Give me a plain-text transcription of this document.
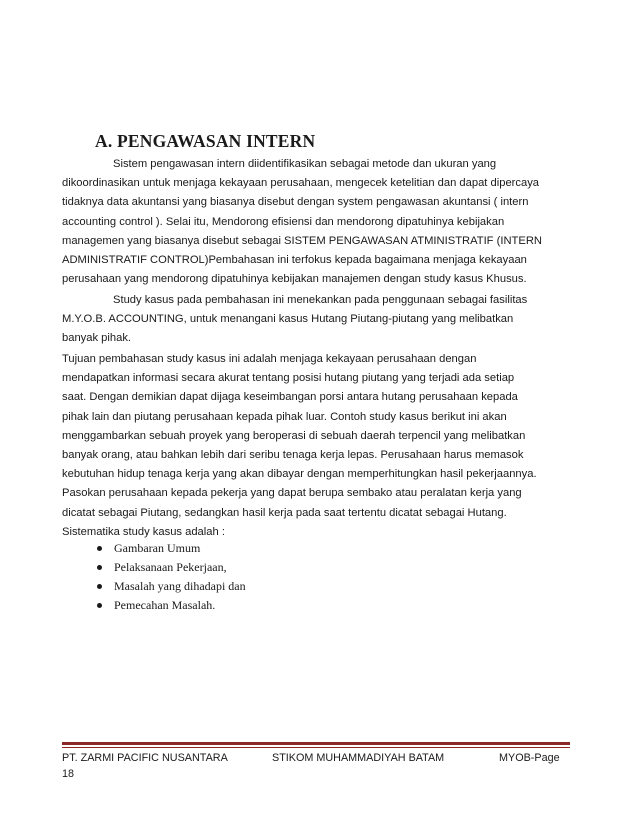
A. PENGAWASAN INTERN

Sistem pengawasan intern diidentifikasikan sebagai metode dan ukuran yang
dikoordinasikan untuk menjaga kekayaan perusahaan, mengecek ketelitian dan dapat dipercaya
tidaknya data akuntansi yang biasanya disebut dengan system pengawasan akuntansi ( intern
accounting control ). Selai itu, Mendorong efisiensi dan mendorong dipatuhinya kebijakan
managemen yang biasanya disebut sebagai SISTEM PENGAWASAN ATMINISTRATIF (INTERN
ADMINISTRATIF CONTROL)Pembahasan ini terfokus kepada bagaimana menjaga kekayaan
perusahaan yang mendorong dipatuhinya kebijakan manajemen dengan study kasus Khusus.

Study kasus pada pembahasan ini menekankan pada penggunaan sebagai fasilitas
M.Y.O.B. ACCOUNTING, untuk menangani kasus Hutang Piutang-piutang yang melibatkan
banyak pihak.

Tujuan pembahasan study kasus ini adalah menjaga kekayaan perusahaan dengan
mendapatkan informasi secara akurat tentang posisi hutang piutang yang terjadi ada setiap
saat. Dengan demikian dapat dijaga keseimbangan porsi antara hutang perusahaan kepada
pihak lain dan piutang perusahaan kepada pihak luar. Contoh study kasus berikut ini akan
menggambarkan sebuah proyek yang beroperasi di sebuah daerah terpencil yang melibatkan
banyak orang, atau bahkan lebih dari seribu tenaga kerja lepas. Perusahaan harus memasok
kebutuhan hidup tenaga kerja yang akan dibayar dengan memperhitungkan hasil pekerjaannya.
Pasokan perusahaan kepada pekerja yang dapat berupa sembako atau peralatan kerja yang
dicatat sebagai Piutang, sedangkan hasil kerja pada saat tertentu dicatat sebagai Hutang.
Sistematika study kasus adalah :

Gambaran Umum
Pelaksanaan Pekerjaan,
Masalah yang dihadapi dan
Pemecahan Masalah.
PT. ZARMI PACIFIC NUSANTARA	STIKOM MUHAMMADIYAH BATAM	MYOB-Page
18
